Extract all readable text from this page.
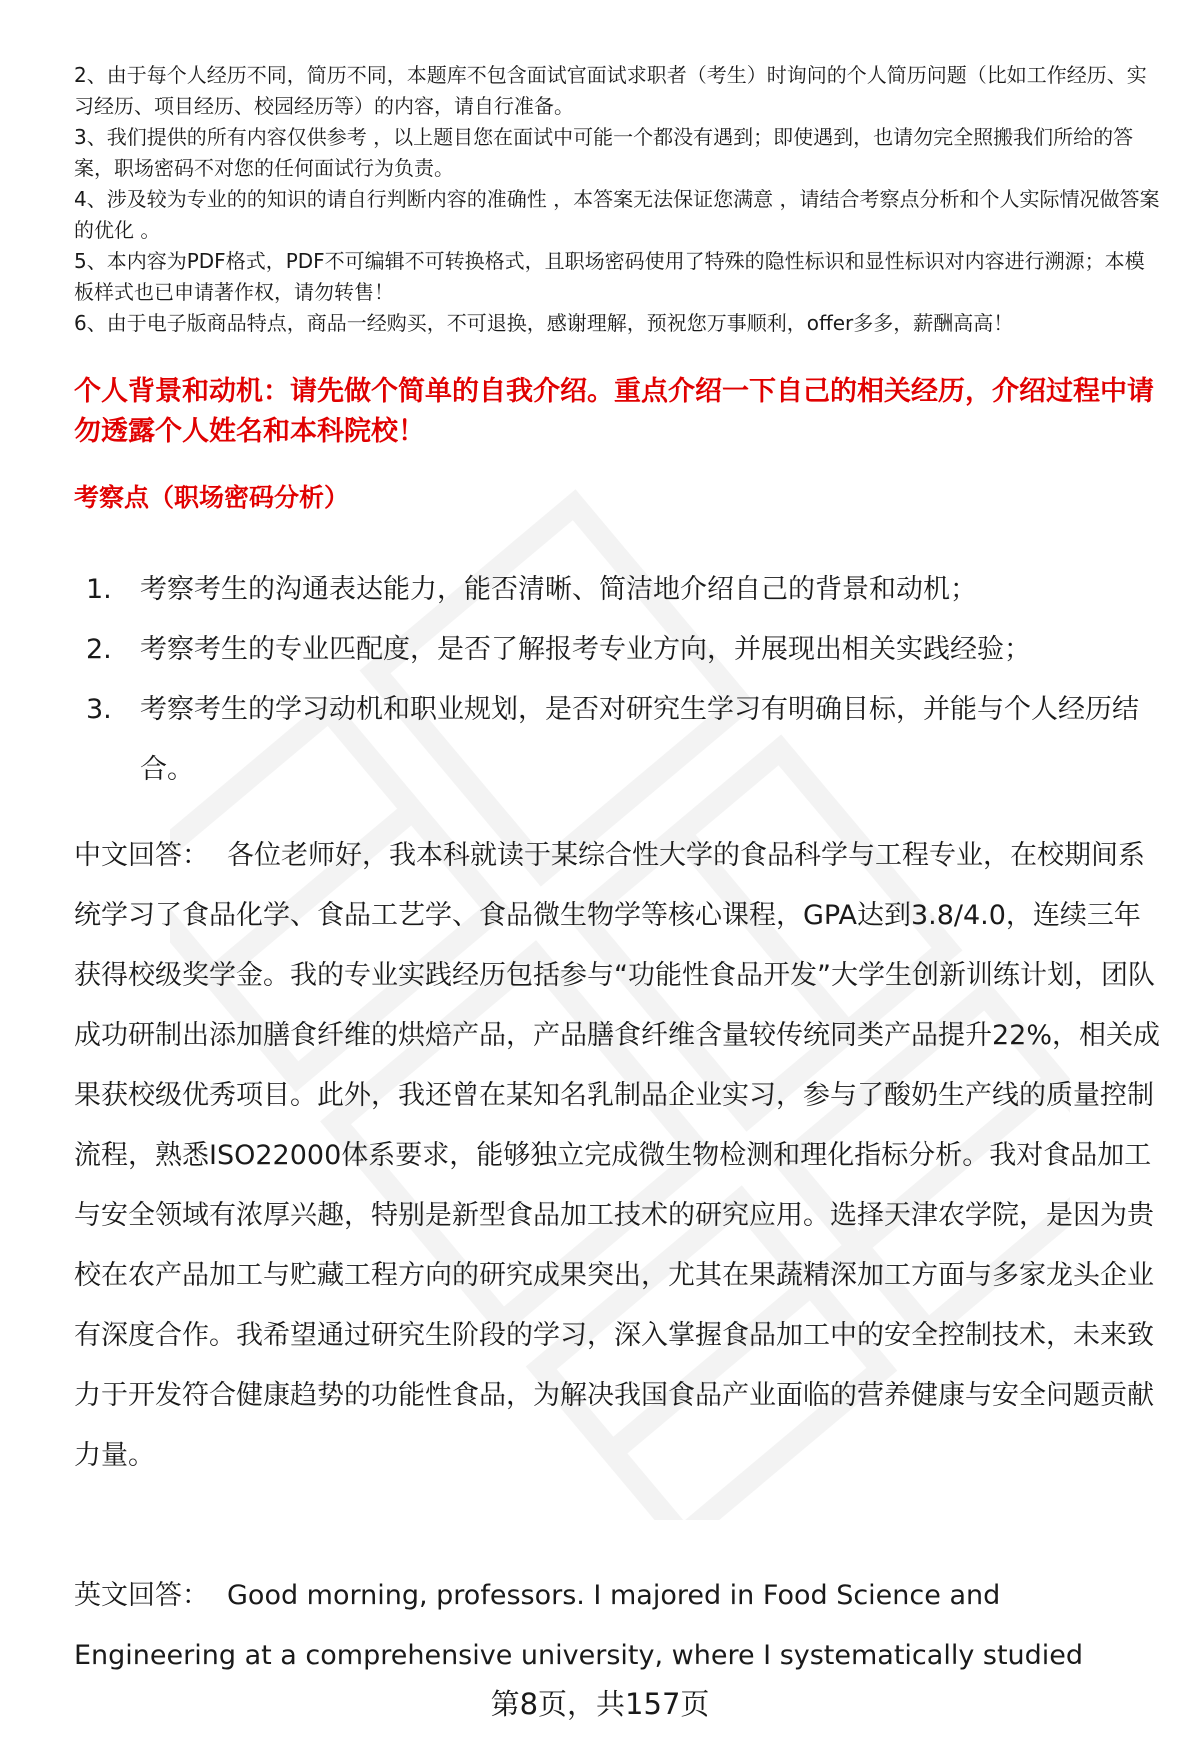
2、由于每个人经历不同，简历不同，本题库不包含面试官面试求职者（考生）时询问的个人简历问题（比如工作经历、实习经历、项目经历、校园经历等）的内容，请自行准备。

3、我们提供的所有内容仅供参考 ，以上题目您在面试中可能一个都没有遇到；即使遇到，也请勿完全照搬我们所给的答案，职场密码不对您的任何面试行为负责。

4、涉及较为专业的的知识的请自行判断内容的准确性 ，本答案无法保证您满意 ，请结合考察点分析和个人实际情况做答案的优化 。

5、本内容为PDF格式，PDF不可编辑不可转换格式，且职场密码使用了特殊的隐性标识和显性标识对内容进行溯源；本模板样式也已申请著作权，请勿转售！

6、由于电子版商品特点，商品一经购买，不可退换，感谢理解，预祝您万事顺利，offer多多，薪酬高高！

个人背景和动机：请先做个简单的自我介绍。重点介绍一下自己的相关经历，介绍过程中请勿透露个人姓名和本科院校！
考察点（职场密码分析）
1.	考察考生的沟通表达能力，能否清晰、简洁地介绍自己的背景和动机；
2.	考察考生的专业匹配度，是否了解报考专业方向，并展现出相关实践经验；
3.	考察考生的学习动机和职业规划，是否对研究生学习有明确目标，并能与个人经历结合。

中文回答： 各位老师好，我本科就读于某综合性大学的食品科学与工程专业，在校期间系统学习了食品化学、食品工艺学、食品微生物学等核心课程，GPA达到3.8/4.0，连续三年获得校级奖学金。我的专业实践经历包括参与“功能性食品开发”大学生创新训练计划，团队成功研制出添加膳食纤维的烘焙产品，产品膳食纤维含量较传统同类产品提升22%，相关成果获校级优秀项目。此外，我还曾在某知名乳制品企业实习，参与了酸奶生产线的质量控制流程，熟悉ISO22000体系要求，能够独立完成微生物检测和理化指标分析。我对食品加工与安全领域有浓厚兴趣，特别是新型食品加工技术的研究应用。选择天津农学院，是因为贵校在农产品加工与贮藏工程方向的研究成果突出，尤其在果蔬精深加工方面与多家龙头企业有深度合作。我希望通过研究生阶段的学习，深入掌握食品加工中的安全控制技术，未来致力于开发符合健康趋势的功能性食品，为解决我国食品产业面临的营养健康与安全问题贡献力量。

英文回答： Good morning, professors. I majored in Food Science and Engineering at a comprehensive university, where I systematically studied

第8页，共157页
